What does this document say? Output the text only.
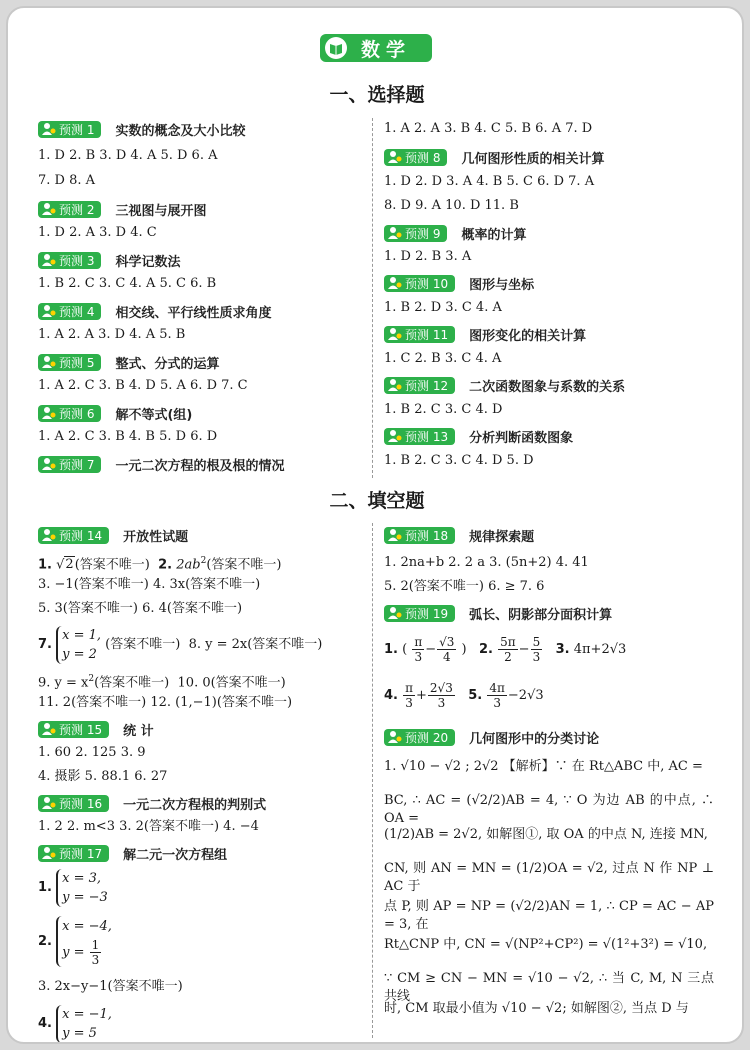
数学
一、选择题
预测 1 实数的概念及大小比较
1. D 2. B 3. D 4. A 5. D 6. A
7. D 8. A
预测 2 三视图与展开图
1. D 2. A 3. D 4. C
预测 3 科学记数法
1. B 2. C 3. C 4. A 5. C 6. B
预测 4 相交线、平行线性质求角度
1. A 2. A 3. D 4. A 5. B
预测 5 整式、分式的运算
1. A 2. C 3. B 4. D 5. A 6. D 7. C
预测 6 解不等式(组)
1. A 2. C 3. B 4. B 5. D 6. D
预测 7 一元二次方程的根及根的情况
1. A 2. A 3. B 4. C 5. B 6. A 7. D
预测 8 几何图形性质的相关计算
1. D 2. D 3. A 4. B 5. C 6. D 7. A
8. D 9. A 10. D 11. B
预测 9 概率的计算
1. D 2. B 3. A
预测 10 图形与坐标
1. B 2. D 3. C 4. A
预测 11 图形变化的相关计算
1. C 2. B 3. C 4. A
预测 12 二次函数图象与系数的关系
1. B 2. C 3. C 4. D
预测 13 分析判断函数图象
1. B 2. C 3. C 4. D 5. D
二、填空题
预测 14 开放性试题
1. √2(答案不唯一) 2. $2ab^2$(答案不唯一)
3. −1(答案不唯一) 4. 3x(答案不唯一)
5. 3(答案不唯一) 6. 4(答案不唯一)
7. x = 1,
y = 2 (答案不唯一) 8. y = 2x(答案不唯一)
9. $y = x^2$(答案不唯一) 10. 0(答案不唯一)
11. 2(答案不唯一) 12. (1,−1)(答案不唯一)
预测 15 统 计
1. 60 2. 125 3. 9
4. 摄影 5. 88.1 6. 27
预测 16 一元二次方程根的判别式
1. 2 2. m<3 3. 2(答案不唯一) 4. −4
预测 17 解二元一次方程组
1. x = 3,
y = −3
2. x = −4,
$y = \frac{1}{3}$
3. 2x−y−1(答案不唯一)
4. x = −1,
y = 5
预测 18 规律探索题
1. 2na+b 2. 2 a 3. (5n+2) 4. 41
5. 2(答案不唯一) 6. ≥ 7. 6
预测 19 弧长、阴影部分面积计算
1. ( $\frac{\pi}{3} - \frac{√3}{4}$ )   2. $\frac{5\pi}{2} - \frac{5}{3} 3$. 4π+2√3
4. $\frac{\pi}{3} + \frac{2√3}{3} 5$. $\frac{4\pi}{3} -2√3$
预测 20 几何图形中的分类讨论
1. √10 − √2 ; 2√2 【解析】∵ 在 Rt△ABC 中, AC =
BC, ∴ AC = (√2/2)AB = 4, ∵ O 为边 AB 的中点, ∴ OA =
(1/2)AB = 2√2, 如解图①, 取 OA 的中点 N, 连接 MN,
CN, 则 AN = MN = (1/2)OA = √2, 过点 N 作 NP ⊥ AC 于
点 P, 则 AP = NP = (√2/2)AN = 1, ∴ CP = AC − AP = 3, 在
Rt△CNP 中, CN = √(NP²+CP²) = √(1²+3²) = √10,
∵ CM ≥ CN − MN = √10 − √2, ∴ 当 C, M, N 三点共线
时, CM 取最小值为 √10 − √2; 如解图②, 当点 D 与
